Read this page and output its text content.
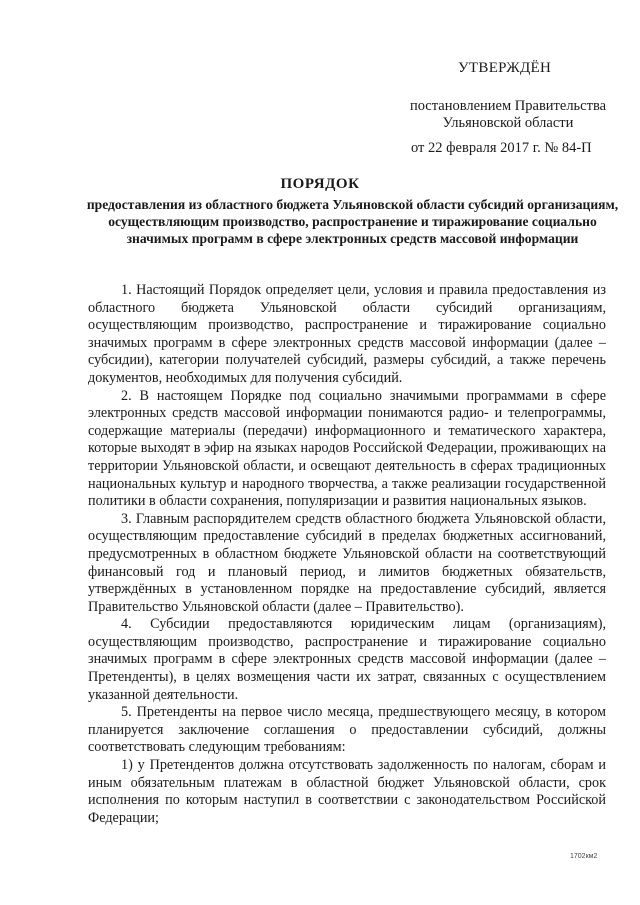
УТВЕРЖДЁН
постановлением Правительства
Ульяновской области
от 22 февраля 2017 г. № 84-П
ПОРЯДОК
предоставления из областного бюджета Ульяновской области субсидий организациям, осуществляющим производство, распространение и тиражирование социально значимых программ в сфере электронных средств массовой информации

1. Настоящий Порядок определяет цели, условия и правила предоставления из областного бюджета Ульяновской области субсидий организациям, осуществляющим производство, распространение и тиражирование социально значимых программ в сфере электронных средств массовой информации (далее – субсидии), категории получателей субсидий, размеры субсидий, а также перечень документов, необходимых для получения субсидий.

2. В настоящем Порядке под социально значимыми программами в сфере электронных средств массовой информации понимаются радио- и телепрограммы, содержащие материалы (передачи) информационного и тематического характера, которые выходят в эфир на языках народов Российской Федерации, проживающих на территории Ульяновской области, и освещают деятельность в сферах традиционных национальных культур и народного творчества, а также реализации государственной политики в области сохранения, популяризации и развития национальных языков.

3. Главным распорядителем средств областного бюджета Ульяновской области, осуществляющим предоставление субсидий в пределах бюджетных ассигнований, предусмотренных в областном бюджете Ульяновской области на соответствующий финансовый год и плановый период, и лимитов бюджетных обязательств, утверждённых в установленном порядке на предоставление субсидий, является Правительство Ульяновской области (далее – Правительство).

4. Субсидии предоставляются юридическим лицам (организациям), осуществляющим производство, распространение и тиражирование социально значимых программ в сфере электронных средств массовой информации (далее – Претенденты), в целях возмещения части их затрат, связанных с осуществлением указанной деятельности.

5. Претенденты на первое число месяца, предшествующего месяцу, в котором планируется заключение соглашения о предоставлении субсидий, должны соответствовать следующим требованиям:

1) у Претендентов должна отсутствовать задолженность по налогам, сборам и иным обязательным платежам в областной бюджет Ульяновской области, срок исполнения по которым наступил в соответствии с законодательством Российской Федерации;

1702км2
